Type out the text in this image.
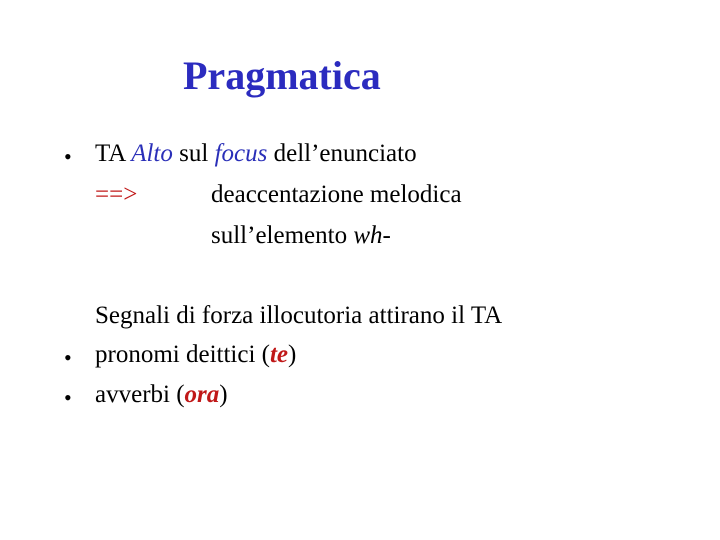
Pragmatica
• TA Alto sul focus dell’enunciato
==>	deaccentazione melodica
sull’elemento wh-
Segnali di forza illocutoria attirano il TA
• pronomi deittici (te)
• avverbi (ora)
